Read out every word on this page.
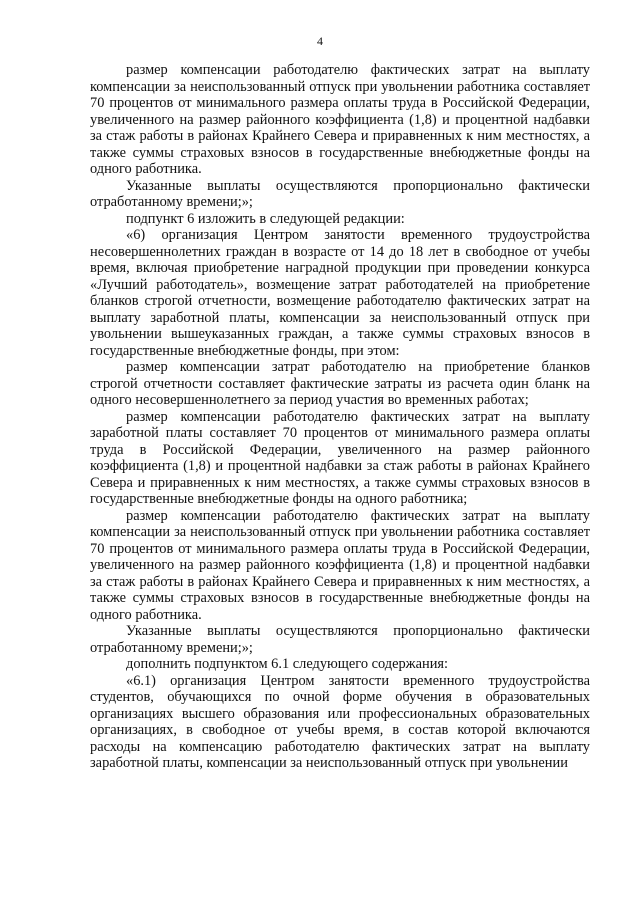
4

размер компенсации работодателю фактических затрат на выплату компенсации за неиспользованный отпуск при увольнении работника составляет 70 процентов от минимального размера оплаты труда в Российской Федерации, увеличенного на размер районного коэффициента (1,8) и процентной надбавки за стаж работы в районах Крайнего Севера и приравненных к ним местностях, а также суммы страховых взносов в государственные внебюджетные фонды на одного работника.

Указанные выплаты осуществляются пропорционально фактически отработанному времени;»;

подпункт 6 изложить в следующей редакции:

«6) организация Центром занятости временного трудоустройства несовершеннолетних граждан в возрасте от 14 до 18 лет в свободное от учебы время, включая приобретение наградной продукции при проведении конкурса «Лучший работодатель», возмещение затрат работодателей на приобретение бланков строгой отчетности, возмещение работодателю фактических затрат на выплату заработной платы, компенсации за неиспользованный отпуск при увольнении вышеуказанных граждан, а также суммы страховых взносов в государственные внебюджетные фонды, при этом:

размер компенсации затрат работодателю на приобретение бланков строгой отчетности составляет фактические затраты из расчета один бланк на одного несовершеннолетнего за период участия во временных работах;

размер компенсации работодателю фактических затрат на выплату заработной платы составляет 70 процентов от минимального размера оплаты труда в Российской Федерации, увеличенного на размер районного коэффициента (1,8) и процентной надбавки за стаж работы в районах Крайнего Севера и приравненных к ним местностях, а также суммы страховых взносов в государственные внебюджетные фонды на одного работника;

размер компенсации работодателю фактических затрат на выплату компенсации за неиспользованный отпуск при увольнении работника составляет 70 процентов от минимального размера оплаты труда в Российской Федерации, увеличенного на размер районного коэффициента (1,8) и процентной надбавки за стаж работы в районах Крайнего Севера и приравненных к ним местностях, а также суммы страховых взносов в государственные внебюджетные фонды на одного работника.

Указанные выплаты осуществляются пропорционально фактически отработанному времени;»;

дополнить подпунктом 6.1 следующего содержания:

«6.1) организация Центром занятости временного трудоустройства студентов, обучающихся по очной форме обучения в образовательных организациях высшего образования или профессиональных образовательных организациях, в свободное от учебы время, в состав которой включаются расходы на компенсацию работодателю фактических затрат на выплату заработной платы, компенсации за неиспользованный отпуск при увольнении
